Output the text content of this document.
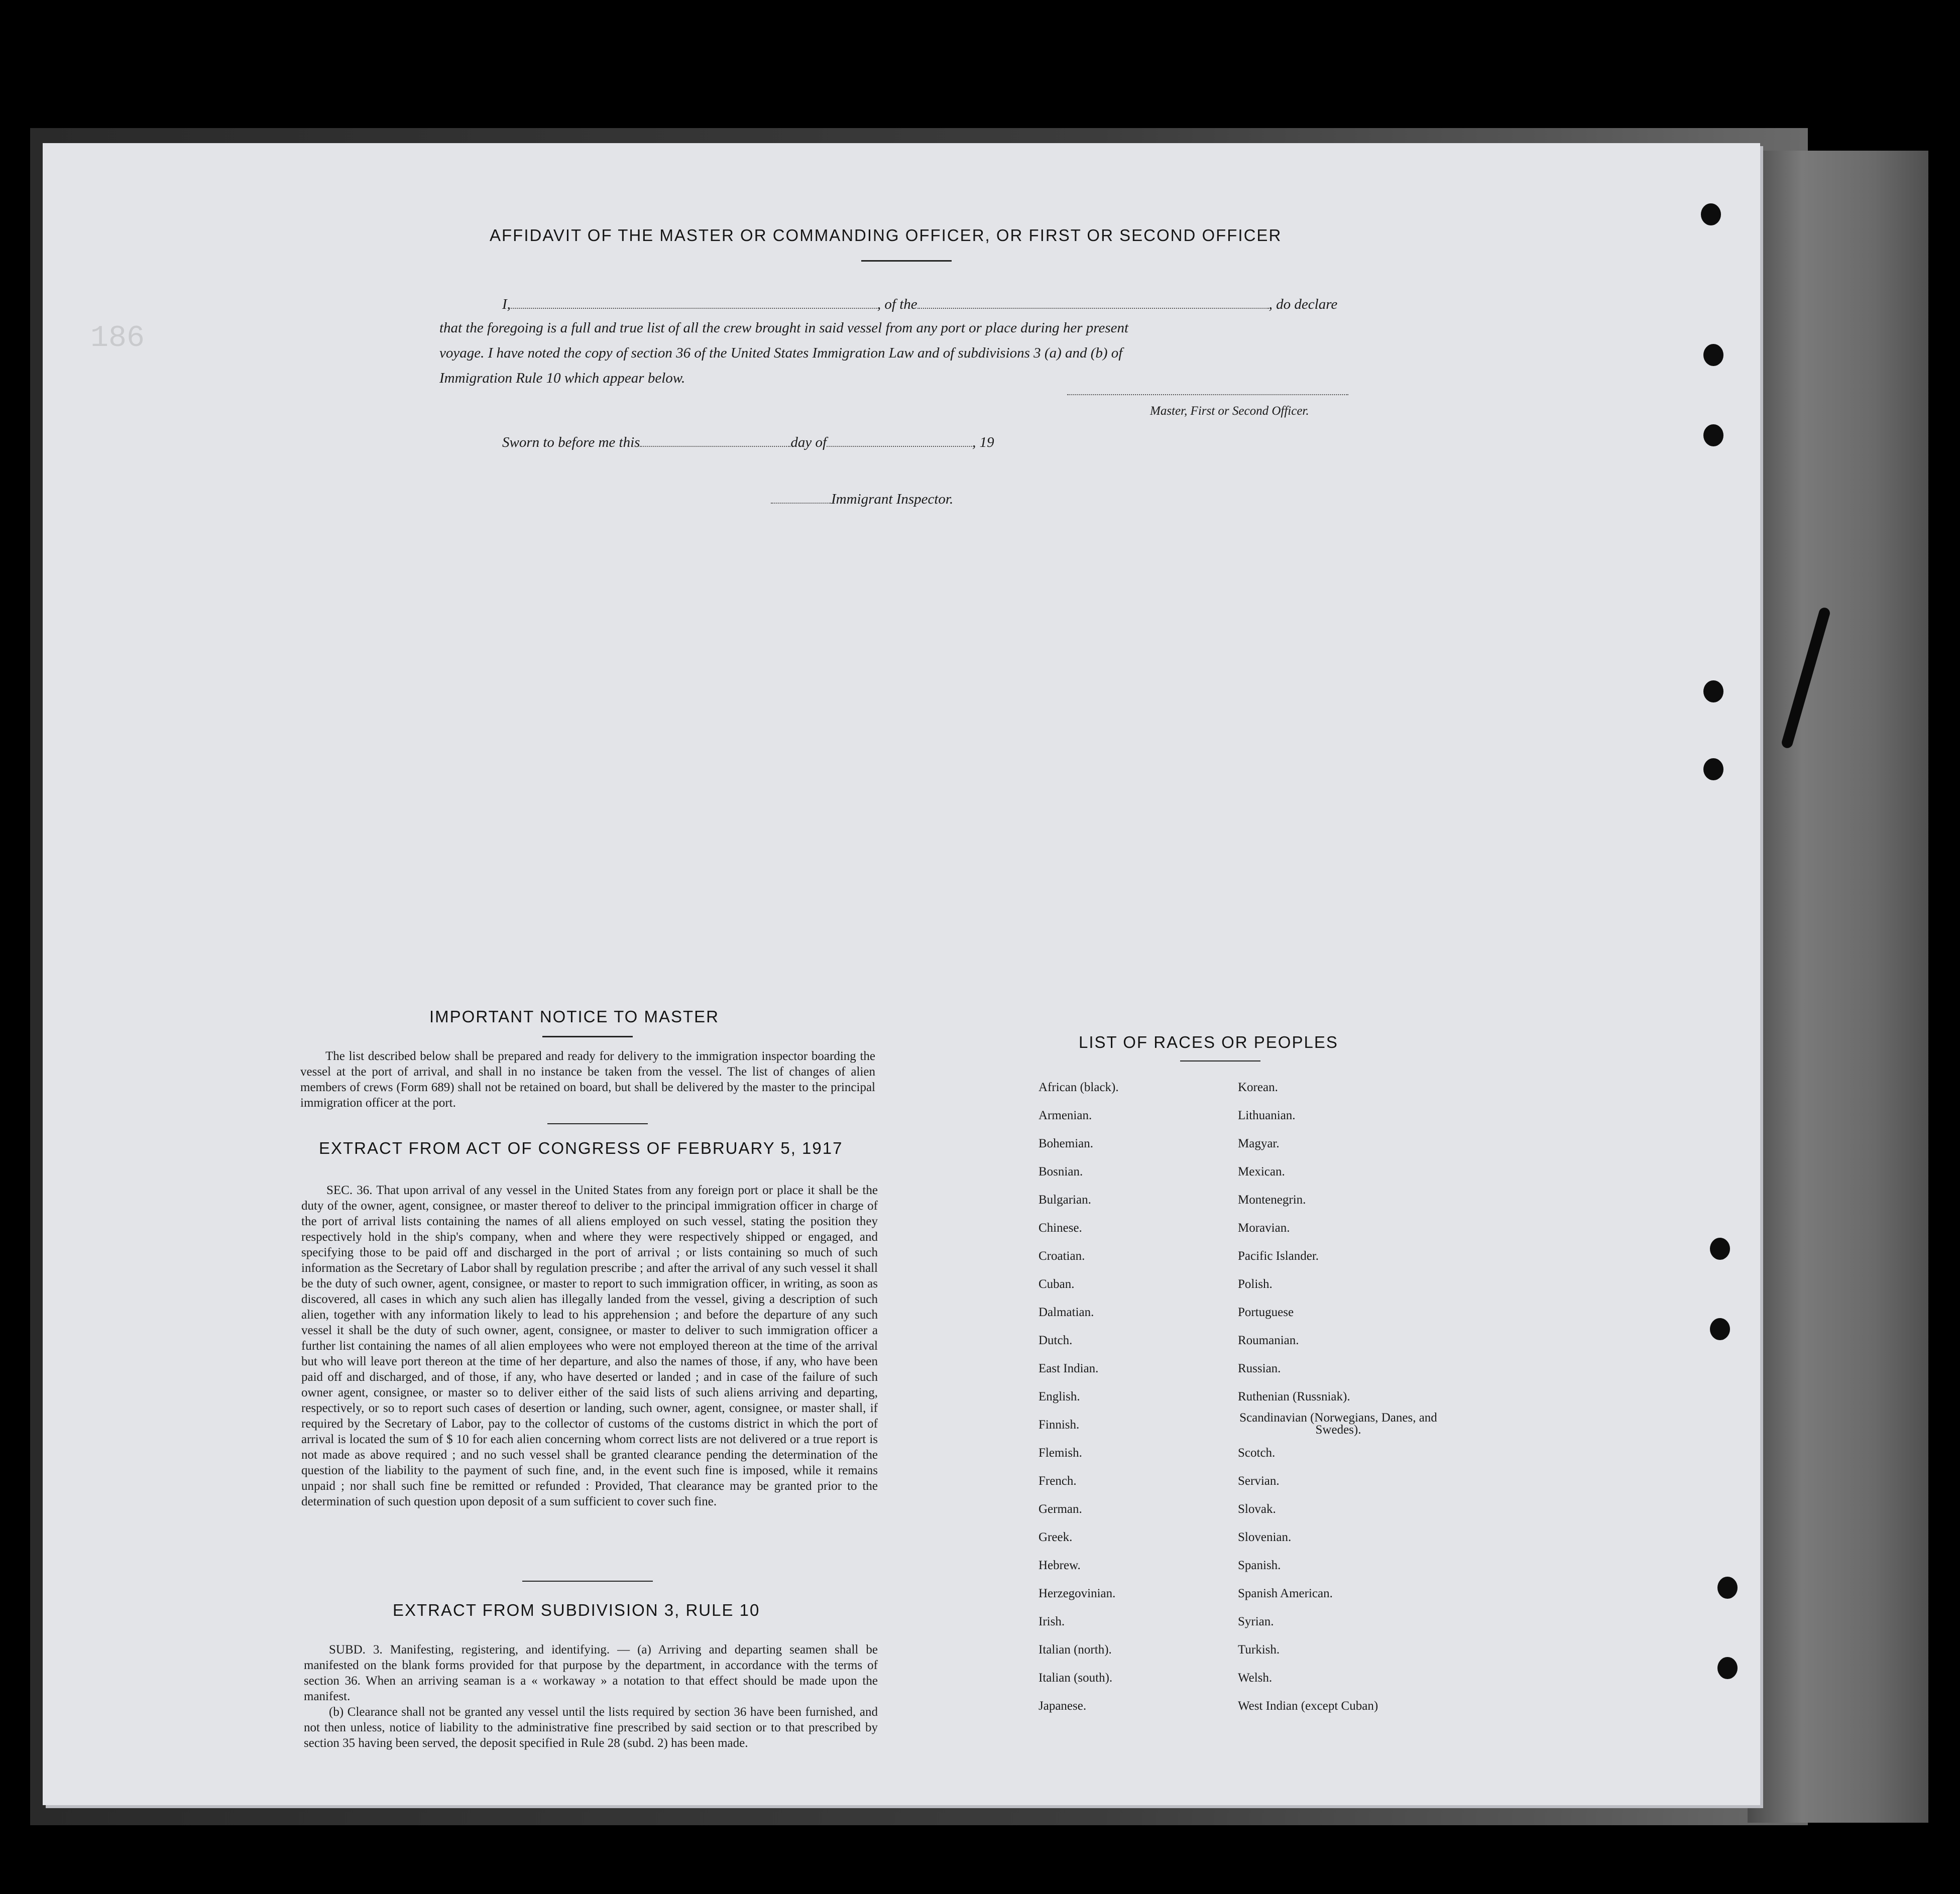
186
AFFIDAVIT OF THE MASTER OR COMMANDING OFFICER, OR FIRST OR SECOND OFFICER
I,	, of the	, do declare
that the foregoing is a full and true list of all the crew brought in said vessel from any port or place during her present
voyage. I have noted the copy of section 36 of the United States Immigration Law and of subdivisions 3 (a) and (b) of
Immigration Rule 10 which appear below.
Master, First or Second Officer.
Sworn to before me this	day of	, 19
Immigrant Inspector.
IMPORTANT NOTICE TO MASTER
The list described below shall be prepared and ready for delivery to the immigration inspector boarding the vessel at the port of arrival, and shall in no instance be taken from the vessel. The list of changes of alien members of crews (Form 689) shall not be retained on board, but shall be delivered by the master to the principal immigration officer at the port.
EXTRACT FROM ACT OF CONGRESS OF FEBRUARY 5, 1917
SEC. 36. That upon arrival of any vessel in the United States from any foreign port or place it shall be the duty of the owner, agent, consignee, or master thereof to deliver to the principal immigration officer in charge of the port of arrival lists containing the names of all aliens employed on such vessel, stating the position they respectively hold in the ship's company, when and where they were respectively shipped or engaged, and specifying those to be paid off and discharged in the port of arrival ; or lists containing so much of such information as the Secretary of Labor shall by regulation prescribe ; and after the arrival of any such vessel it shall be the duty of such owner, agent, consignee, or master to report to such immigration officer, in writing, as soon as discovered, all cases in which any such alien has illegally landed from the vessel, giving a description of such alien, together with any information likely to lead to his apprehension ; and before the departure of any such vessel it shall be the duty of such owner, agent, consignee, or master to deliver to such immigration officer a further list containing the names of all alien employees who were not employed thereon at the time of the arrival but who will leave port thereon at the time of her departure, and also the names of those, if any, who have been paid off and discharged, and of those, if any, who have deserted or landed ; and in case of the failure of such owner agent, consignee, or master so to deliver either of the said lists of such aliens arriving and departing, respectively, or so to report such cases of desertion or landing, such owner, agent, consignee, or master shall, if required by the Secretary of Labor, pay to the collector of customs of the customs district in which the port of arrival is located the sum of $ 10 for each alien concerning whom correct lists are not delivered or a true report is not made as above required ; and no such vessel shall be granted clearance pending the determination of the question of the liability to the payment of such fine, and, in the event such fine is imposed, while it remains unpaid ; nor shall such fine be remitted or refunded : Provided, That clearance may be granted prior to the determination of such question upon deposit of a sum sufficient to cover such fine.
EXTRACT FROM SUBDIVISION 3, RULE 10
SUBD. 3. Manifesting, registering, and identifying. — (a) Arriving and departing seamen shall be manifested on the blank forms provided for that purpose by the department, in accordance with the terms of section 36. When an arriving seaman is a « workaway » a notation to that effect should be made upon the manifest.
(b) Clearance shall not be granted any vessel until the lists required by section 36 have been furnished, and not then unless, notice of liability to the administrative fine prescribed by said section or to that prescribed by section 35 having been served, the deposit specified in Rule 28 (subd. 2) has been made.
LIST OF RACES OR PEOPLES
African (black).
Armenian.
Bohemian.
Bosnian.
Bulgarian.
Chinese.
Croatian.
Cuban.
Dalmatian.
Dutch.
East Indian.
English.
Finnish.
Flemish.
French.
German.
Greek.
Hebrew.
Herzegovinian.
Irish.
Italian (north).
Italian (south).
Japanese.
Korean.
Lithuanian.
Magyar.
Mexican.
Montenegrin.
Moravian.
Pacific Islander.
Polish.
Portuguese
Roumanian.
Russian.
Ruthenian (Russniak).
Scandinavian (Norwegians, Danes, and Swedes).
Scotch.
Servian.
Slovak.
Slovenian.
Spanish.
Spanish American.
Syrian.
Turkish.
Welsh.
West Indian (except Cuban)
